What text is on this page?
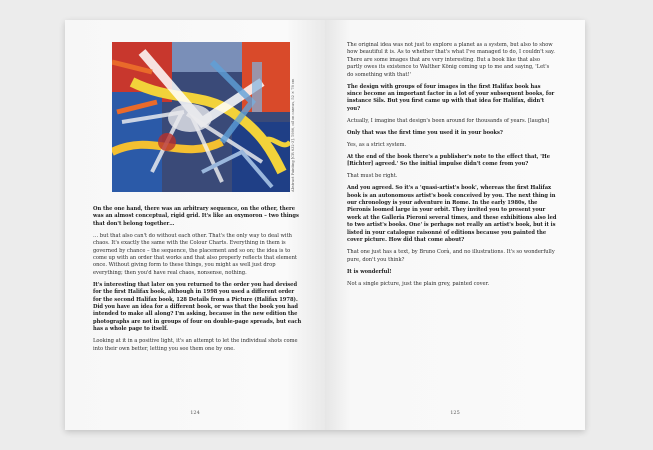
Abstract Painting [CR 632-3], 1986, oil on canvas, 52 × 78 cm

On the one hand, there was an arbitrary sequence, on the other, there was an almost conceptual, rigid grid. It's like an oxymoron – two things that don't belong together…

… but that also can't do without each other. That's the only way to deal with chaos. It's exactly the same with the Colour Charts. Everything in them is governed by chance – the sequence, the placement and so on; the idea is to come up with an order that works and that also properly reflects that element once. Without giving form to these things, you might as well just drop everything; then you'd have real chaos, nonsense, nothing.

It's interesting that later on you returned to the order you had devised for the first Halifax book, although in 1998 you used a different order for the second Halifax book, 128 Details from a Picture (Halifax 1978). Did you have an idea for a different book, or was that the book you had intended to make all along? I'm asking, because in the new edition the photographs are not in groups of four on double-page spreads, but each has a whole page to itself.

Looking at it in a positive light, it's an attempt to let the individual shots come into their own better, letting you see them one by one.

124

The original idea was not just to explore a planet as a system, but also to show how beautiful it is. As to whether that's what I've managed to do, I couldn't say. There are some images that are very interesting. But a book like that also partly owes its existence to Walther König coming up to me and saying, 'Let's do something with that!'

The design with groups of four images in the first Halifax book has since become an important factor in a lot of your subsequent books, for instance Sils. But you first came up with that idea for Halifax, didn't you?

Actually, I imagine that design's been around for thousands of years. [laughs]

Only that was the first time you used it in your books?

Yes, as a strict system.

At the end of the book there's a publisher's note to the effect that, 'He [Richter] agreed.' So the initial impulse didn't come from you?

That must be right.

And you agreed. So it's a 'quasi-artist's book', whereas the first Halifax book is an autonomous artist's book conceived by you. The next thing in our chronology is your adventure in Rome. In the early 1980s, the Pieronis loomed large in your orbit. They invited you to present your work at the Galleria Pieroni several times, and these exhibitions also led to two artist's books. One' is perhaps not really an artist's book, but it is listed in your catalogue raisonné of editions because you painted the cover picture. How did that come about?

That one just has a text, by Bruno Corà, and no illustrations. It's so wonderfully pure, don't you think?

It is wonderful!

Not a single picture, just the plain grey, painted cover.

125
